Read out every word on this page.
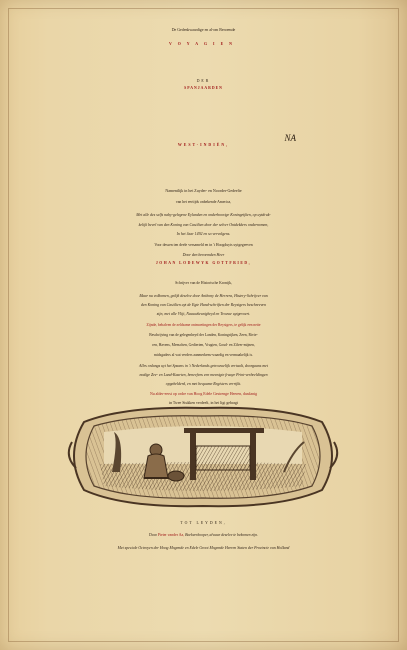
De Gedenkwaardige en al-om Beroemde
VOYAGIEN
DER
SPANJAARDEN
NA
WEST-INDIËN,
Namentlijk in het Zuyder- en Noorder-Gedeelte
van het eertijds onbekende America,
Met alle des selfs naby-gelegene Eylanden en onderhoorige Koningrijken, op uytdruk-
kelijk bevel van den Koning van Castilien door der selver Ontdekkers ondernomen,
In het Jaar 1492 en so vervolgens.
Voor dessen ten deele versameld en in 't Hoogduyts uytgegeeven
Door den beroemden Heer
JOHAN LODEWYK GOTTFRIED,
Schrijver van de Historische Kronijk,
Maar nu volkomen, gelijk deselve door Anthony de Herrera, Histery-Schrijver van
den Koning van Castilien uyt de Egte Hand-schriften der Reysigers beschreeven
zijn, met alle Vlijt, Naauwkeurigheyd en Trouwe uytgevoert.
Zijnde, behalven de zeldsame ontmoetingen der Reysigers, te gelijk een nette
Beschrijving van de gelegenheyd der Landen, Koningrijken, Zeen, Rivie-
ren, Havens, Menschen, Gedierten, Vrugten, Goud- en Zilver-mijnen,
midsgaders al wat verders aanmerkens-waardig en vermaakelijk is.
Alles onlangs uyt het Spaans in 't Nederlands getrouwelijk vertaalt, doorgaans met
nodige Zee- en Land-Kaarten, benevfens een meenigte fraaye Print-verbeeldingen
opgehelderd, en met bequame Registers verrijkt.
Nu alder-eerst op ordre van Hoog Edele Gestrenge Heeren, dusdanig
in Twee Stukken verdeelt, in het ligt gebragt
TOT LEYDEN,
Door Pieter vander Aa, Boekverkooper, alwaar deselve te bekomen zijn.
Met speciale Octroyen der Hoog Mogende en Edele Groot Mogende Heeren Staten der Provincie van Holland
